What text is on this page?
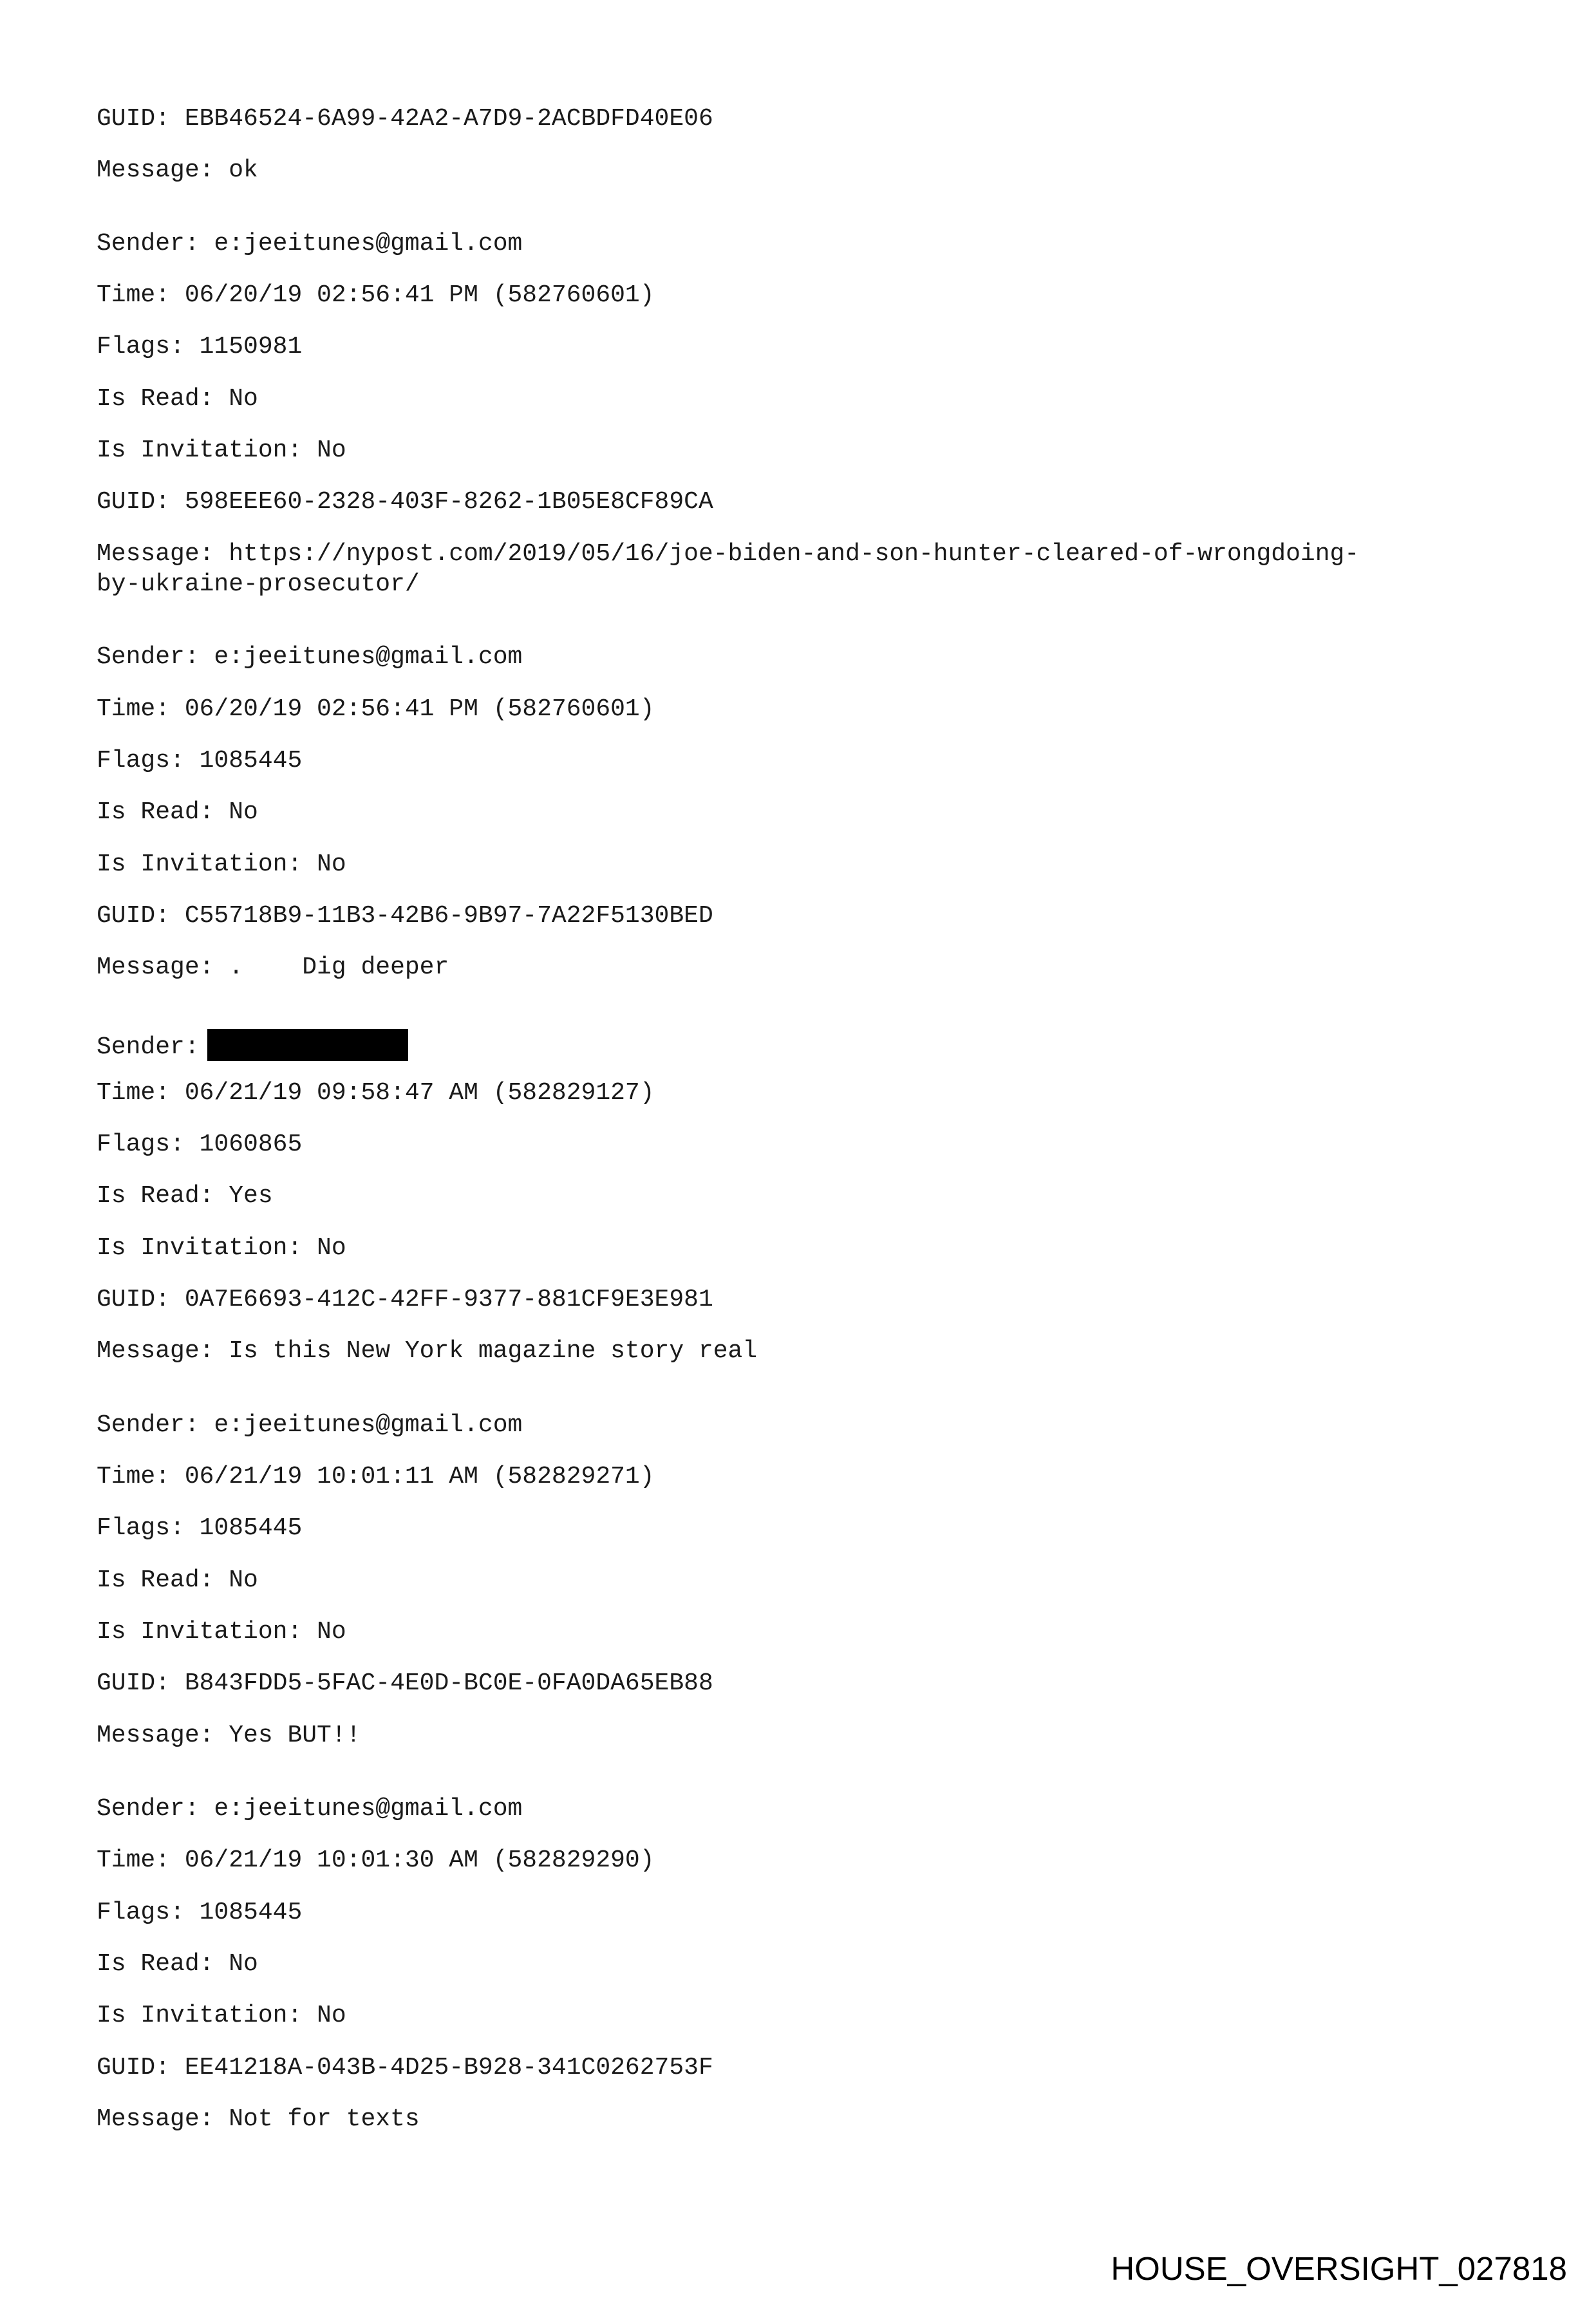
GUID: EBB46524-6A99-42A2-A7D9-2ACBDFD40E06

Message: ok

Sender: e:jeeitunes@gmail.com

Time: 06/20/19 02:56:41 PM (582760601)

Flags: 1150981

Is Read: No

Is Invitation: No

GUID: 598EEE60-2328-403F-8262-1B05E8CF89CA

Message: https://nypost.com/2019/05/16/joe-biden-and-son-hunter-cleared-of-wrongdoing-

by-ukraine-prosecutor/

Sender: e:jeeitunes@gmail.com

Time: 06/20/19 02:56:41 PM (582760601)

Flags: 1085445

Is Read: No

Is Invitation: No

GUID: C55718B9-11B3-42B6-9B97-7A22F5130BED

Message: .    Dig deeper

Sender:

Time: 06/21/19 09:58:47 AM (582829127)

Flags: 1060865

Is Read: Yes

Is Invitation: No

GUID: 0A7E6693-412C-42FF-9377-881CF9E3E981

Message: Is this New York magazine story real

Sender: e:jeeitunes@gmail.com

Time: 06/21/19 10:01:11 AM (582829271)

Flags: 1085445

Is Read: No

Is Invitation: No

GUID: B843FDD5-5FAC-4E0D-BC0E-0FA0DA65EB88

Message: Yes BUT!!

Sender: e:jeeitunes@gmail.com

Time: 06/21/19 10:01:30 AM (582829290)

Flags: 1085445

Is Read: No

Is Invitation: No

GUID: EE41218A-043B-4D25-B928-341C0262753F

Message: Not for texts

HOUSE_OVERSIGHT_027818
